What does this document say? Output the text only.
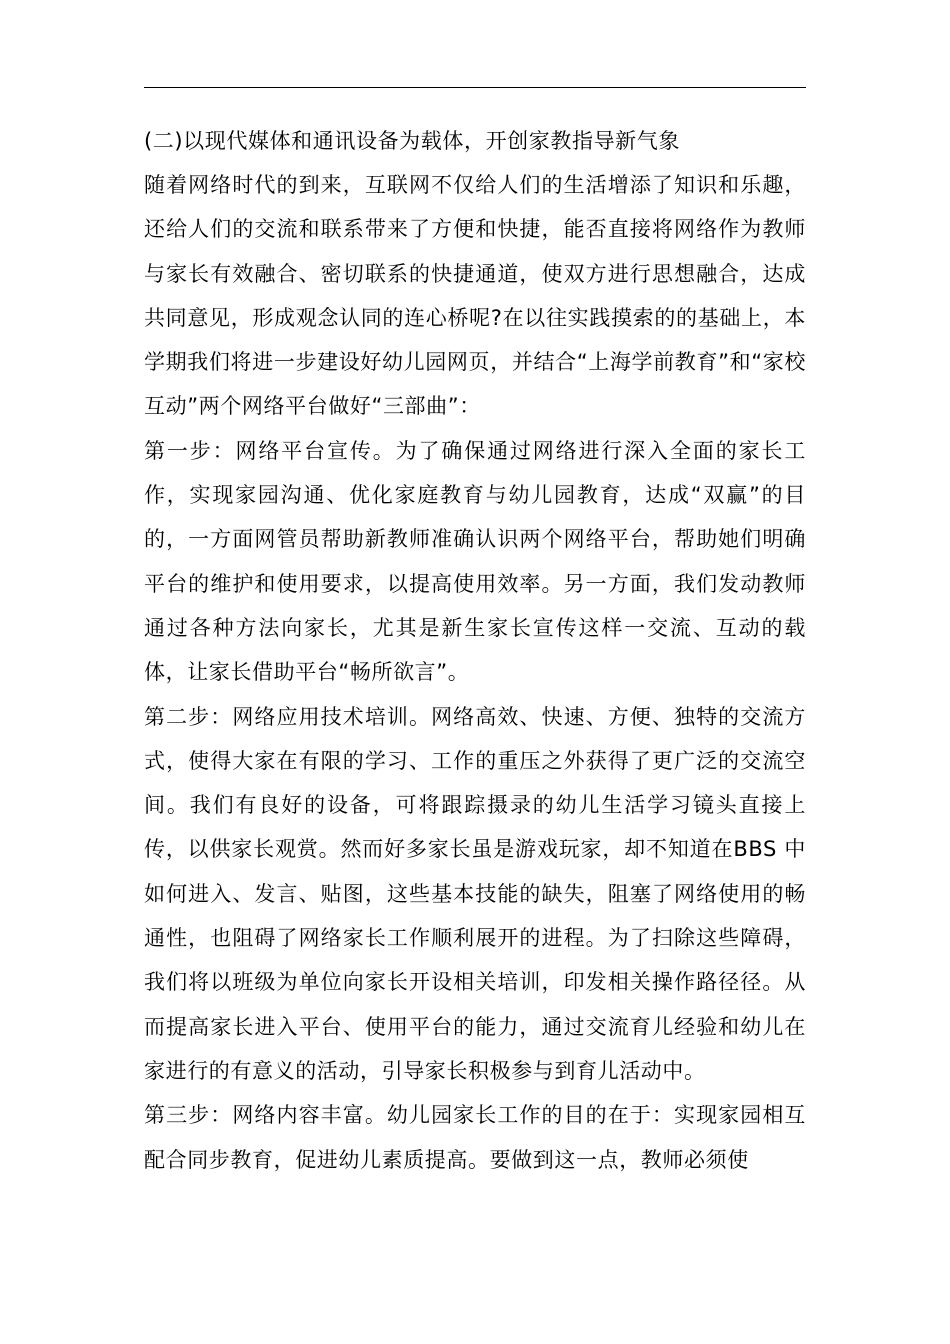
(二)以现代媒体和通讯设备为载体，开创家教指导新气象

随着网络时代的到来，互联网不仅给人们的生活增添了知识和乐趣，还给人们的交流和联系带来了方便和快捷，能否直接将网络作为教师与家长有效融合、密切联系的快捷通道，使双方进行思想融合，达成共同意见，形成观念认同的连心桥呢?在以往实践摸索的的基础上，本学期我们将进一步建设好幼儿园网页，并结合“上海学前教育”和“家校互动”两个网络平台做好“三部曲”：

第一步：网络平台宣传。为了确保通过网络进行深入全面的家长工作，实现家园沟通、优化家庭教育与幼儿园教育，达成“双赢”的目的，一方面网管员帮助新教师准确认识两个网络平台，帮助她们明确平台的维护和使用要求，以提高使用效率。另一方面，我们发动教师通过各种方法向家长，尤其是新生家长宣传这样一交流、互动的载体，让家长借助平台“畅所欲言”。

第二步：网络应用技术培训。网络高效、快速、方便、独特的交流方式，使得大家在有限的学习、工作的重压之外获得了更广泛的交流空间。我们有良好的设备，可将跟踪摄录的幼儿生活学习镜头直接上传，以供家长观赏。然而好多家长虽是游戏玩家，却不知道在BBS 中如何进入、发言、贴图，这些基本技能的缺失，阻塞了网络使用的畅通性，也阻碍了网络家长工作顺利展开的进程。为了扫除这些障碍，我们将以班级为单位向家长开设相关培训，印发相关操作路径径。从而提高家长进入平台、使用平台的能力，通过交流育儿经验和幼儿在家进行的有意义的活动，引导家长积极参与到育儿活动中。

第三步：网络内容丰富。幼儿园家长工作的目的在于：实现家园相互配合同步教育，促进幼儿素质提高。要做到这一点，教师必须使
